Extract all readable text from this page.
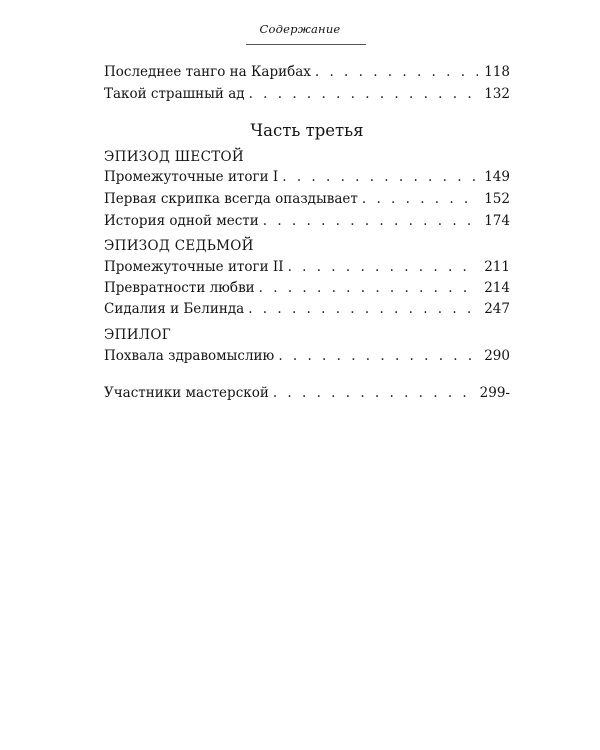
Содержание
Последнее танго на Карибах . . .	118
Такой страшный ад . . .	132
Часть третья
ЭПИЗОД ШЕСТОЙ
Промежуточные итоги I . . .	149
Первая скрипка всегда опаздывает . . .	152
История одной мести . . .	174
ЭПИЗОД СЕДЬМОЙ
Промежуточные итоги II . . .	211
Превратности любви . . .	214
Сидалия и Белинда . . .	247
ЭПИЛОГ
Похвала здравомыслию . . .	290
Участники мастерской . . .	299-
